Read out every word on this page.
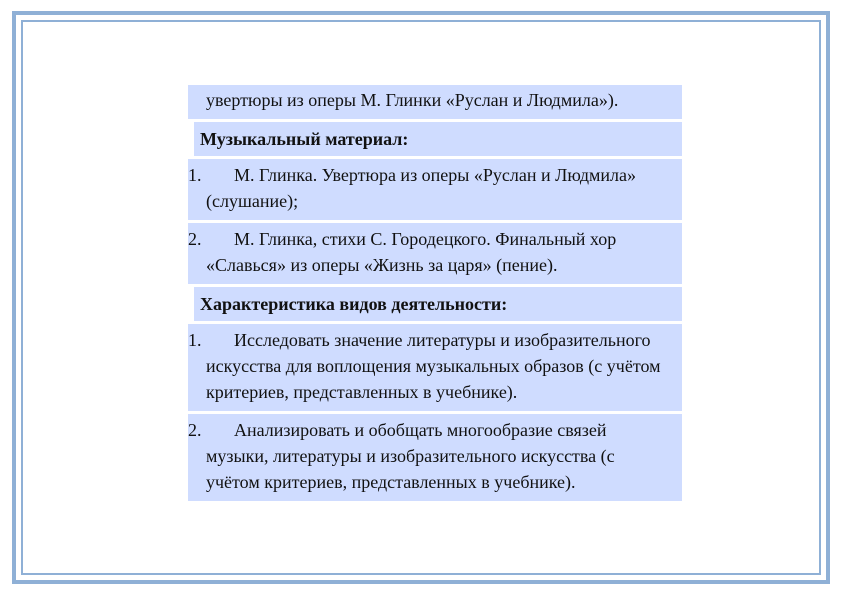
увертюры из оперы М. Глинки «Руслан и Людмила»).
Музыкальный материал:
1.	М. Глинка. Увертюра из оперы «Руслан и Людмила» (слушание);
2.	М. Глинка, стихи С. Городецкого. Финальный хор «Славься» из оперы «Жизнь за царя» (пение).
Характеристика видов деятельности:
1.	Исследовать значение литературы и изобразительного искусства для воплощения музыкальных образов (с учётом критериев, представленных в учебнике).
2.	Анализировать и обобщать многообразие связей музыки, литературы и изобразительного искусства (с учётом критериев, представленных в учебнике).
